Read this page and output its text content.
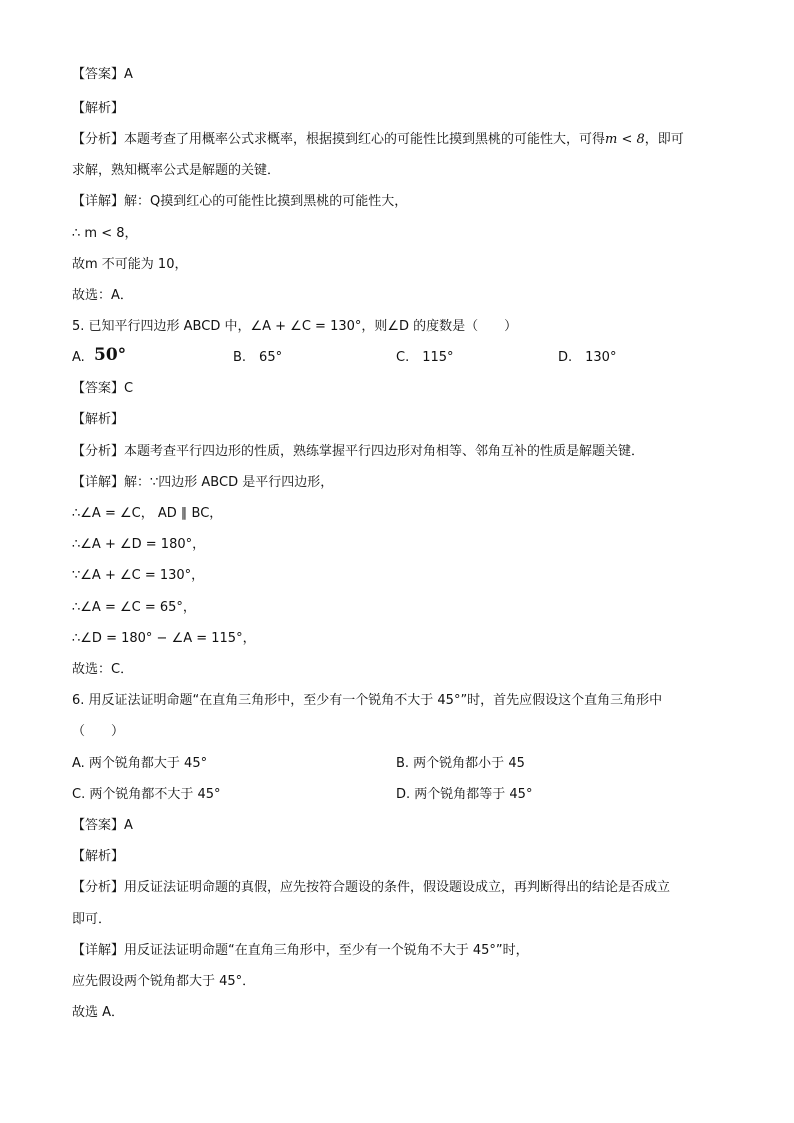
【答案】A
【解析】
【分析】本题考查了用概率公式求概率，根据摸到红心的可能性比摸到黑桃的可能性大，可得m < 8，即可
求解，熟知概率公式是解题的关键．
【详解】解：Q摸到红心的可能性比摸到黑桃的可能性大，
∴ m < 8，
故m 不可能为 10，
故选：A．
5. 已知平行四边形 ABCD 中，∠A + ∠C = 130°，则∠D 的度数是（　　）
A. 50°	B.　65°	C.　115°	D.　130°
【答案】C
【解析】
【分析】本题考查平行四边形的性质，熟练掌握平行四边形对角相等、邻角互补的性质是解题关键．
【详解】解：∵四边形 ABCD 是平行四边形，
∴∠A = ∠C， AD ∥ BC，
∴∠A + ∠D = 180°，
∵∠A + ∠C = 130°，
∴∠A = ∠C = 65°，
∴∠D = 180° − ∠A = 115°，
故选：C．
6. 用反证法证明命题“在直角三角形中，至少有一个锐角不大于 45°”时，首先应假设这个直角三角形中
（　　）
A. 两个锐角都大于 45°	B. 两个锐角都小于 45
C. 两个锐角都不大于 45°	D. 两个锐角都等于 45°
【答案】A
【解析】
【分析】用反证法证明命题的真假，应先按符合题设的条件，假设题设成立，再判断得出的结论是否成立
即可．
【详解】用反证法证明命题“在直角三角形中，至少有一个锐角不大于 45°”时，
应先假设两个锐角都大于 45°．
故选 A．
